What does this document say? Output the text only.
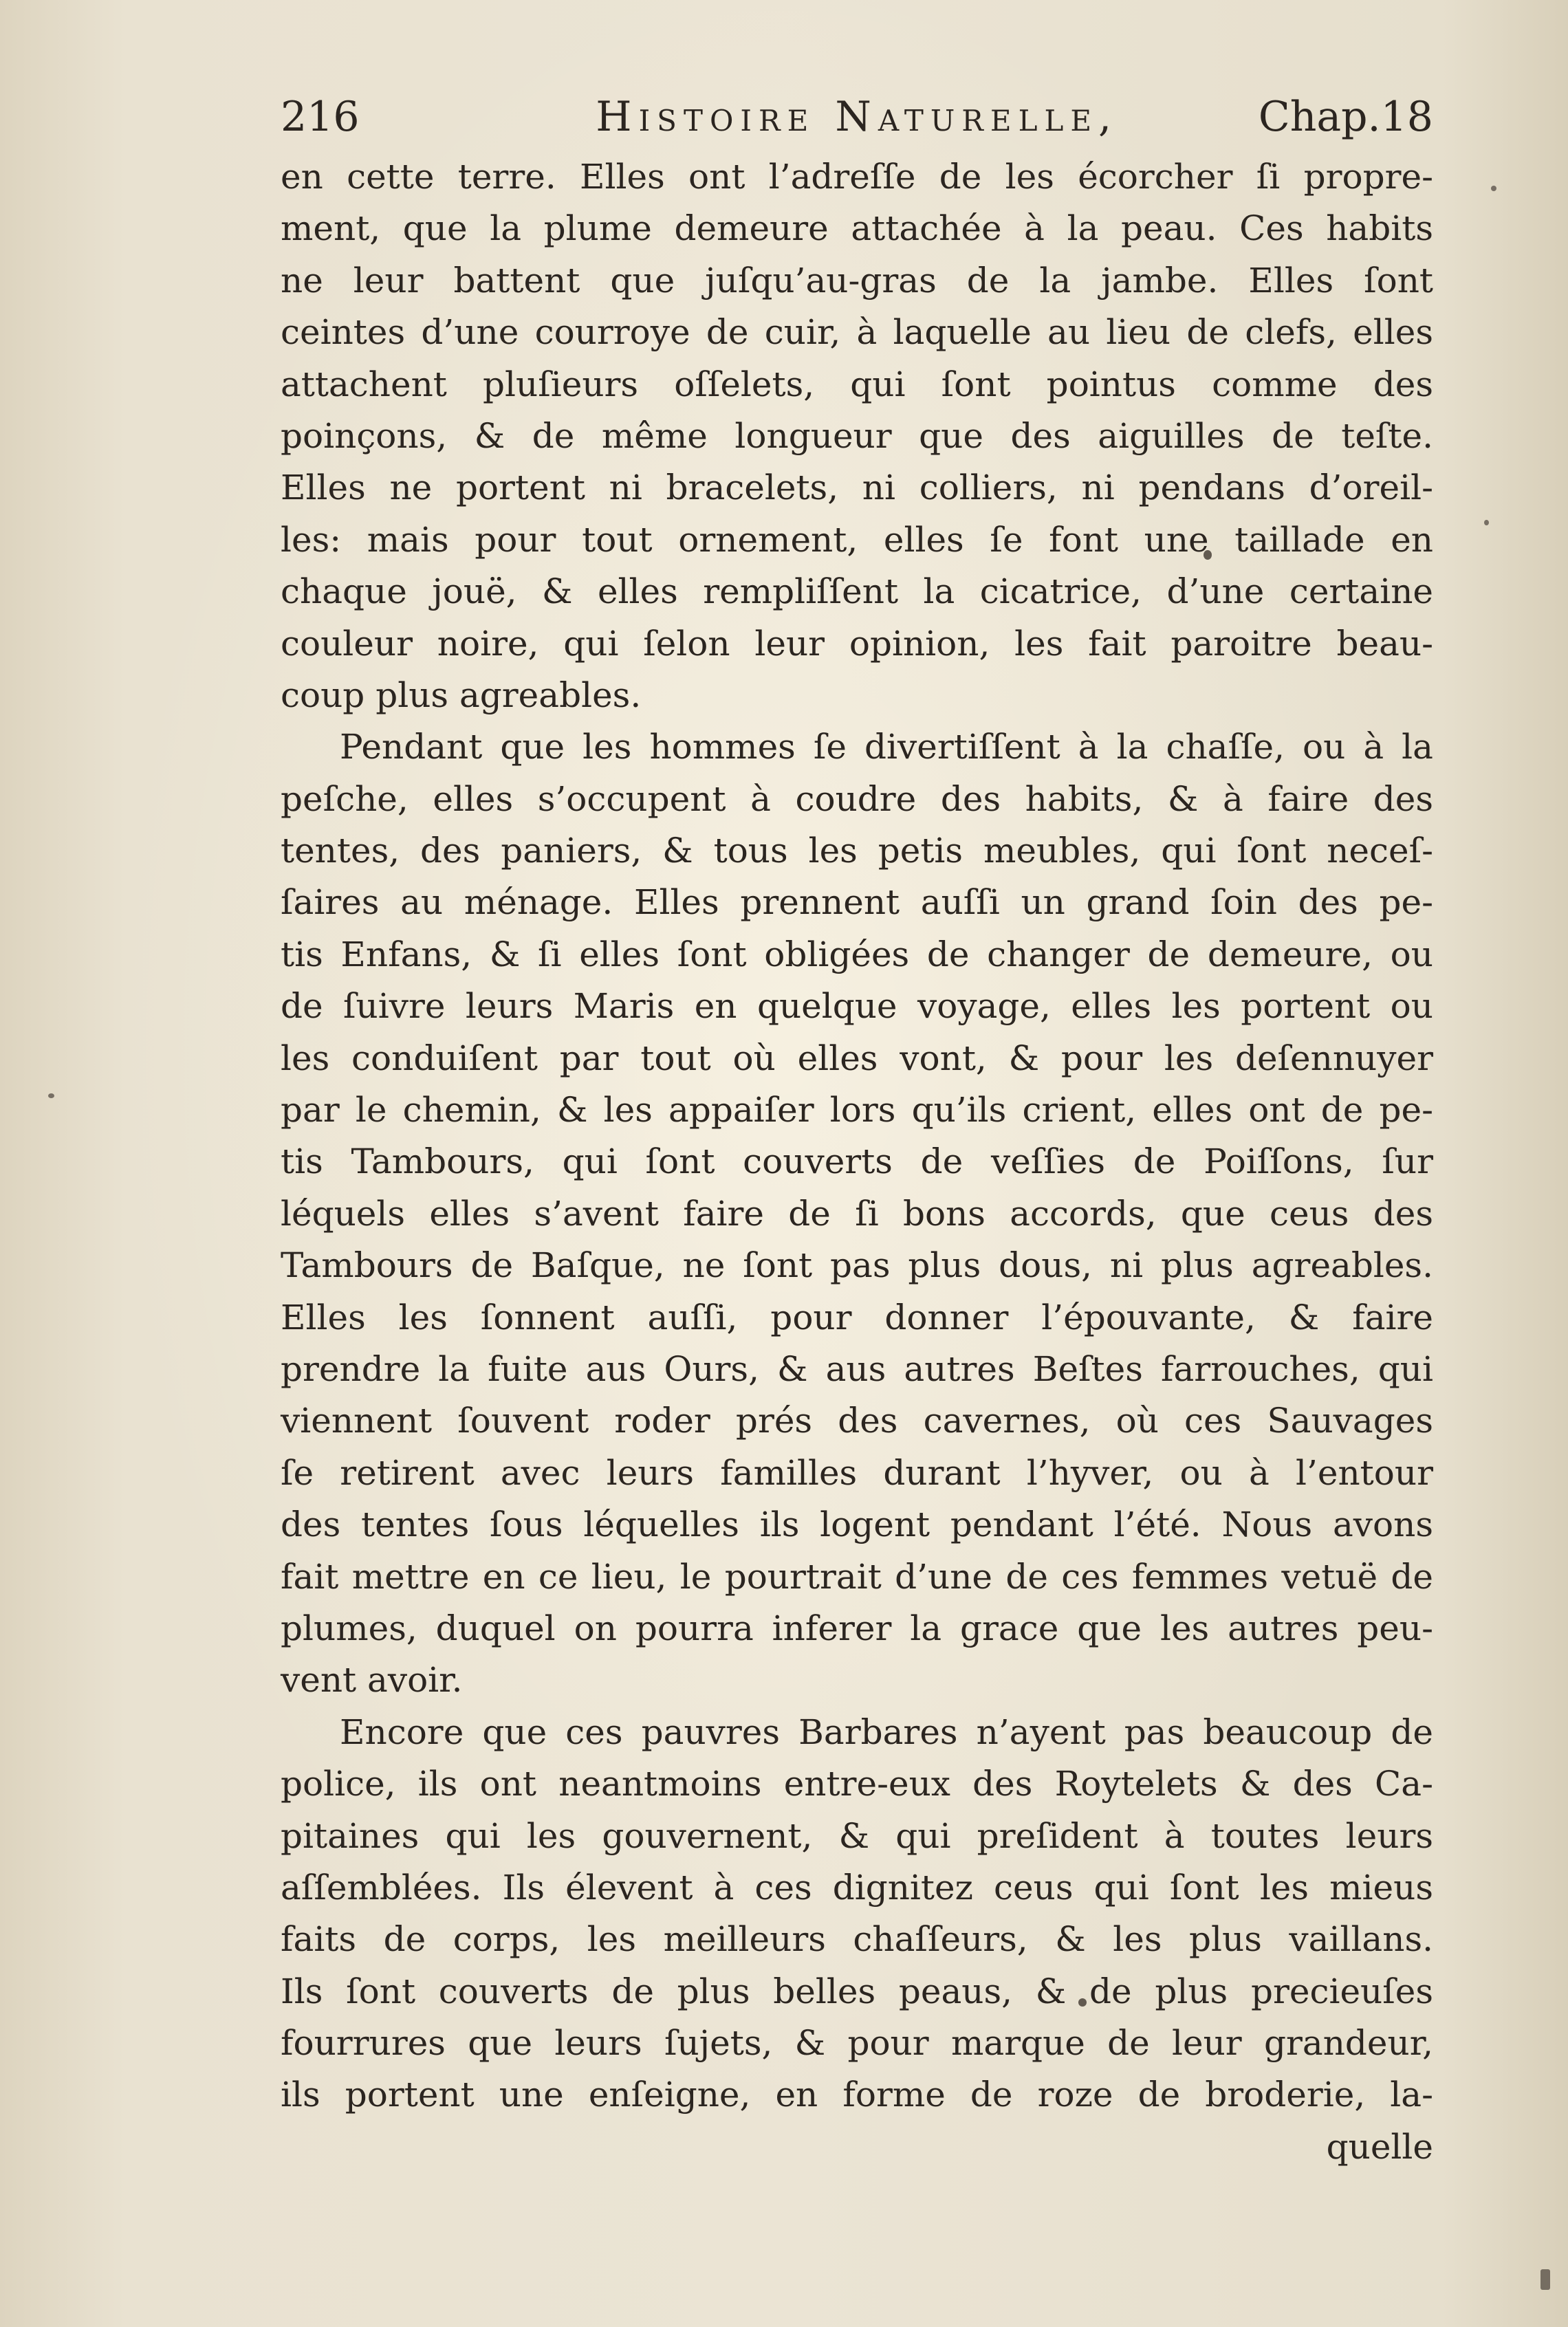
216	Histoire Naturelle,	Chap.18
en cette terre. Elles ont l’adreſſe de les écorcher ſi propre-
ment, que la plume demeure attachée à la peau. Ces habits
ne leur battent que juſqu’au-gras de la jambe. Elles ſont
ceintes d’une courroye de cuir, à laquelle au lieu de clefs, elles
attachent pluſieurs oſſelets, qui ſont pointus comme des
poinçons, & de même longueur que des aiguilles de teſte.
Elles ne portent ni bracelets, ni colliers, ni pendans d’oreil-
les: mais pour tout ornement, elles ſe font une taillade en
chaque jouë, & elles rempliſſent la cicatrice, d’une certaine
couleur noire, qui ſelon leur opinion, les fait paroitre beau-
coup plus agreables.
Pendant que les hommes ſe divertiſſent à la chaſſe, ou à la
peſche, elles s’occupent à coudre des habits, & à faire des
tentes, des paniers, & tous les petis meubles, qui ſont neceſ-
ſaires au ménage. Elles prennent auſſi un grand ſoin des pe-
tis Enfans, & ſi elles ſont obligées de changer de demeure, ou
de ſuivre leurs Maris en quelque voyage, elles les portent ou
les conduiſent par tout où elles vont, & pour les deſennuyer
par le chemin, & les appaiſer lors qu’ils crient, elles ont de pe-
tis Tambours, qui ſont couverts de veſſies de Poiſſons, ſur
léquels elles s’avent faire de ſi bons accords, que ceus des
Tambours de Baſque, ne ſont pas plus dous, ni plus agreables.
Elles les ſonnent auſſi, pour donner l’épouvante, & faire
prendre la fuite aus Ours, & aus autres Beſtes farrouches, qui
viennent ſouvent roder prés des cavernes, où ces Sauvages
ſe retirent avec leurs familles durant l’hyver, ou à l’entour
des tentes ſous léquelles ils logent pendant l’été. Nous avons
fait mettre en ce lieu, le pourtrait d’une de ces femmes vetuë de
plumes, duquel on pourra inferer la grace que les autres peu-
vent avoir.
Encore que ces pauvres Barbares n’ayent pas beaucoup de
police, ils ont neantmoins entre-eux des Roytelets & des Ca-
pitaines qui les gouvernent, & qui preſident à toutes leurs
aſſemblées. Ils élevent à ces dignitez ceus qui ſont les mieus
faits de corps, les meilleurs chaſſeurs, & les plus vaillans.
Ils ſont couverts de plus belles peaus, & de plus precieuſes
fourrures que leurs ſujets, & pour marque de leur grandeur,
ils portent une enſeigne, en forme de roze de broderie, la-
quelle
